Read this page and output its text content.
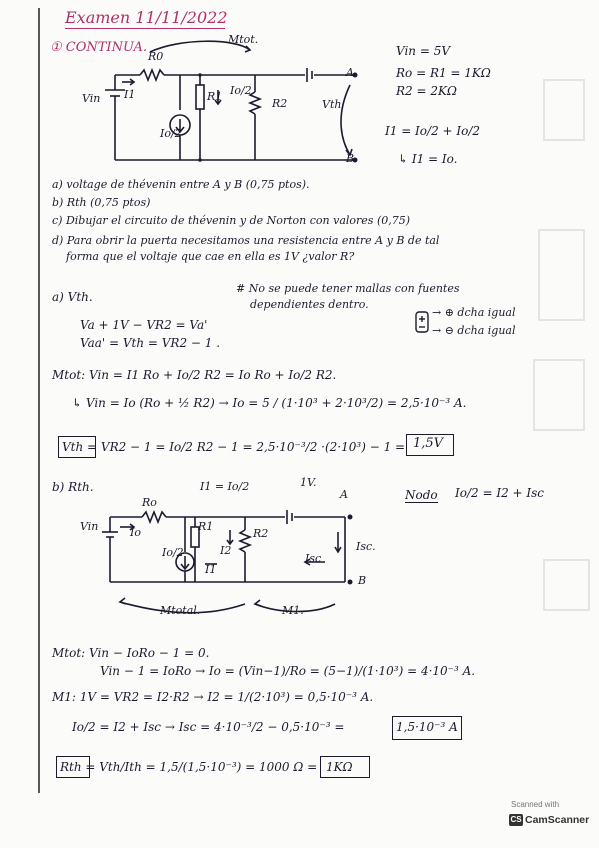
Examen 11/11/2022
① CONTINUA.
R0
Vin I1	R1 Io/2
R2
Io/2
A
B.
Vth
Mtot.
Vin = 5V
Ro = R1 = 1KΩ
R2 = 2KΩ
I1 = Io/2 + Io/2
↳ I1 = Io.
a) voltage de thévenin entre A y B (0,75 ptos).
b) Rth (0,75 ptos)
c) Dibujar el circuito de thévenin y de Norton con valores (0,75)
d) Para obrir la puerta necesitamos una resistencia entre A y B de tal
forma que el voltaje que cae en ella es 1V ¿valor R?
a) Vth.
# No se puede tener mallas con fuentes
dependientes dentro.
→ ⊕ dcha igual
→ ⊖ dcha igual
Va + 1V − VR2 = Va'
Vaa' = Vth = VR2 − 1 .
Mtot: Vin = I1 Ro + Io/2 R2 = Io Ro + Io/2 R2.
↳ Vin = Io (Ro + ½ R2) → Io = 5 / (1·10³ + 2·10³/2) = 2,5·10⁻³ A.
Vth = VR2 − 1 = Io/2 R2 − 1 = 2,5·10⁻³/2 ·(2·10³) − 1 = 1,5V
b) Rth.	I1 = Io/2	1V.
Nodo Io/2 = I2 + Isc
Ro
Vin	Io	R1
R2
Io/2	I2
I1
Isc
Isc.
A
B
Mtotal.	M1.
Mtot: Vin − IoRo − 1 = 0.
Vin − 1 = IoRo → Io = (Vin−1)/Ro = (5−1)/(1·10³) = 4·10⁻³ A.
M1: 1V = VR2 = I2·R2 → I2 = 1/(2·10³) = 0,5·10⁻³ A.
Io/2 = I2 + Isc → Isc = 4·10⁻³/2 − 0,5·10⁻³ =	1,5·10⁻³ A
Rth = Vth/Ith = 1,5/(1,5·10⁻³) = 1000 Ω = 1KΩ
Scanned with
CS CamScanner
